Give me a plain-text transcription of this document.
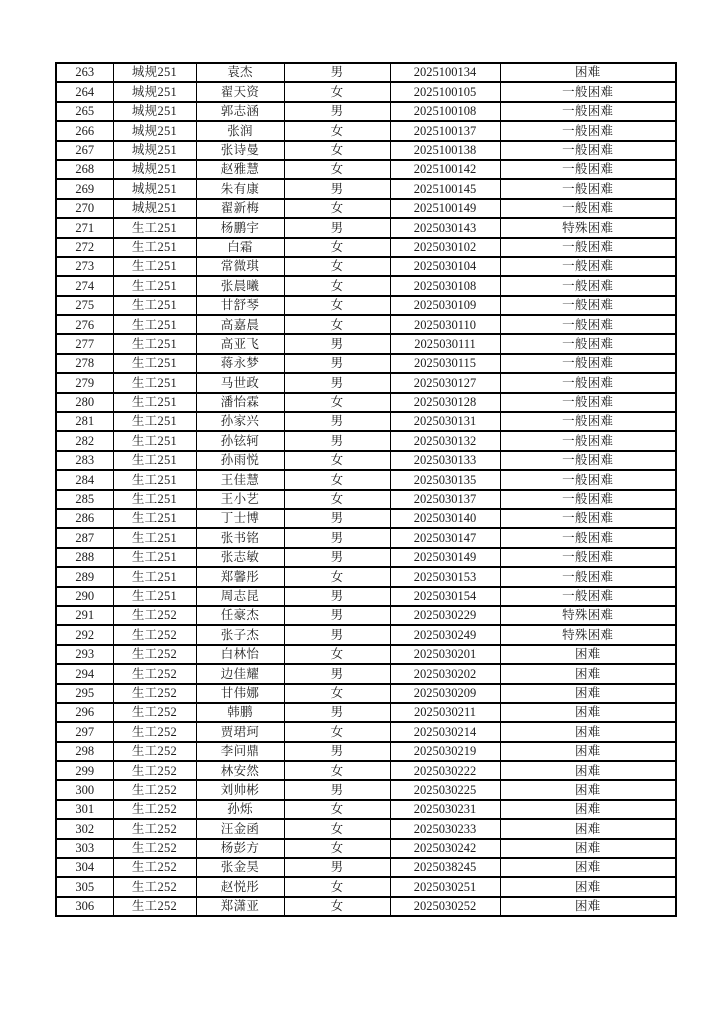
263	城规251	袁杰	男	2025100134	困难
264	城规251	翟天资	女	2025100105	一般困难
265	城规251	郭志涵	男	2025100108	一般困难
266	城规251	张润	女	2025100137	一般困难
267	城规251	张诗曼	女	2025100138	一般困难
268	城规251	赵雅慧	女	2025100142	一般困难
269	城规251	朱有康	男	2025100145	一般困难
270	城规251	翟新梅	女	2025100149	一般困难
271	生工251	杨鹏宇	男	2025030143	特殊困难
272	生工251	白霜	女	2025030102	一般困难
273	生工251	常微琪	女	2025030104	一般困难
274	生工251	张晨曦	女	2025030108	一般困难
275	生工251	甘舒琴	女	2025030109	一般困难
276	生工251	高嘉晨	女	2025030110	一般困难
277	生工251	高亚飞	男	2025030111	一般困难
278	生工251	蒋永梦	男	2025030115	一般困难
279	生工251	马世政	男	2025030127	一般困难
280	生工251	潘怡霖	女	2025030128	一般困难
281	生工251	孙家兴	男	2025030131	一般困难
282	生工251	孙铉轲	男	2025030132	一般困难
283	生工251	孙雨悦	女	2025030133	一般困难
284	生工251	王佳慧	女	2025030135	一般困难
285	生工251	王小艺	女	2025030137	一般困难
286	生工251	丁士博	男	2025030140	一般困难
287	生工251	张书铭	男	2025030147	一般困难
288	生工251	张志敏	男	2025030149	一般困难
289	生工251	郑馨彤	女	2025030153	一般困难
290	生工251	周志昆	男	2025030154	一般困难
291	生工252	任豪杰	男	2025030229	特殊困难
292	生工252	张子杰	男	2025030249	特殊困难
293	生工252	白林怡	女	2025030201	困难
294	生工252	边佳耀	男	2025030202	困难
295	生工252	甘伟娜	女	2025030209	困难
296	生工252	韩鹏	男	2025030211	困难
297	生工252	贾珺珂	女	2025030214	困难
298	生工252	李问鼎	男	2025030219	困难
299	生工252	林安然	女	2025030222	困难
300	生工252	刘帅彬	男	2025030225	困难
301	生工252	孙烁	女	2025030231	困难
302	生工252	汪金函	女	2025030233	困难
303	生工252	杨彭方	女	2025030242	困难
304	生工252	张金昊	男	2025038245	困难
305	生工252	赵悦彤	女	2025030251	困难
306	生工252	郑潇亚	女	2025030252	困难
